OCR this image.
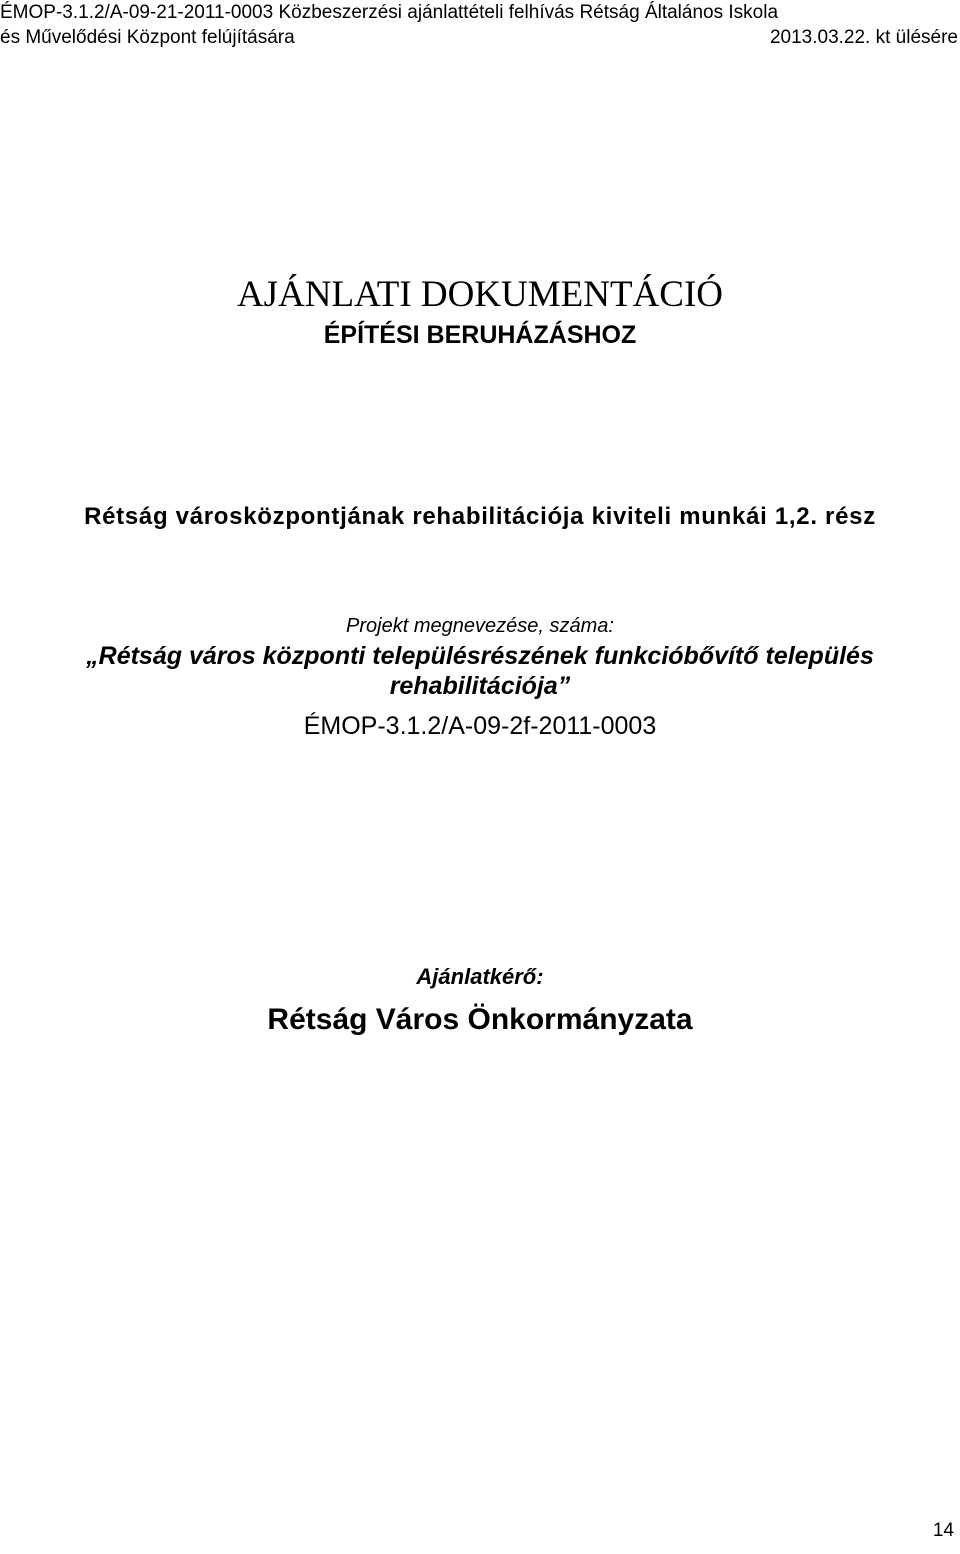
ÉMOP-3.1.2/A-09-21-2011-0003 Közbeszerzési ajánlattételi felhívás Rétság Általános Iskola
és Művelődési Központ felújítására	2013.03.22. kt ülésére
AJÁNLATI DOKUMENTÁCIÓ
ÉPÍTÉSI BERUHÁZÁSHOZ
Rétság városközpontjának rehabilitációja kiviteli munkái 1,2. rész
Projekt megnevezése, száma:
„Rétság város központi településrészének funkcióbővítő település rehabilitációja”
ÉMOP-3.1.2/A-09-2f-2011-0003
Ajánlatkérő:
Rétság Város Önkormányzata
14
